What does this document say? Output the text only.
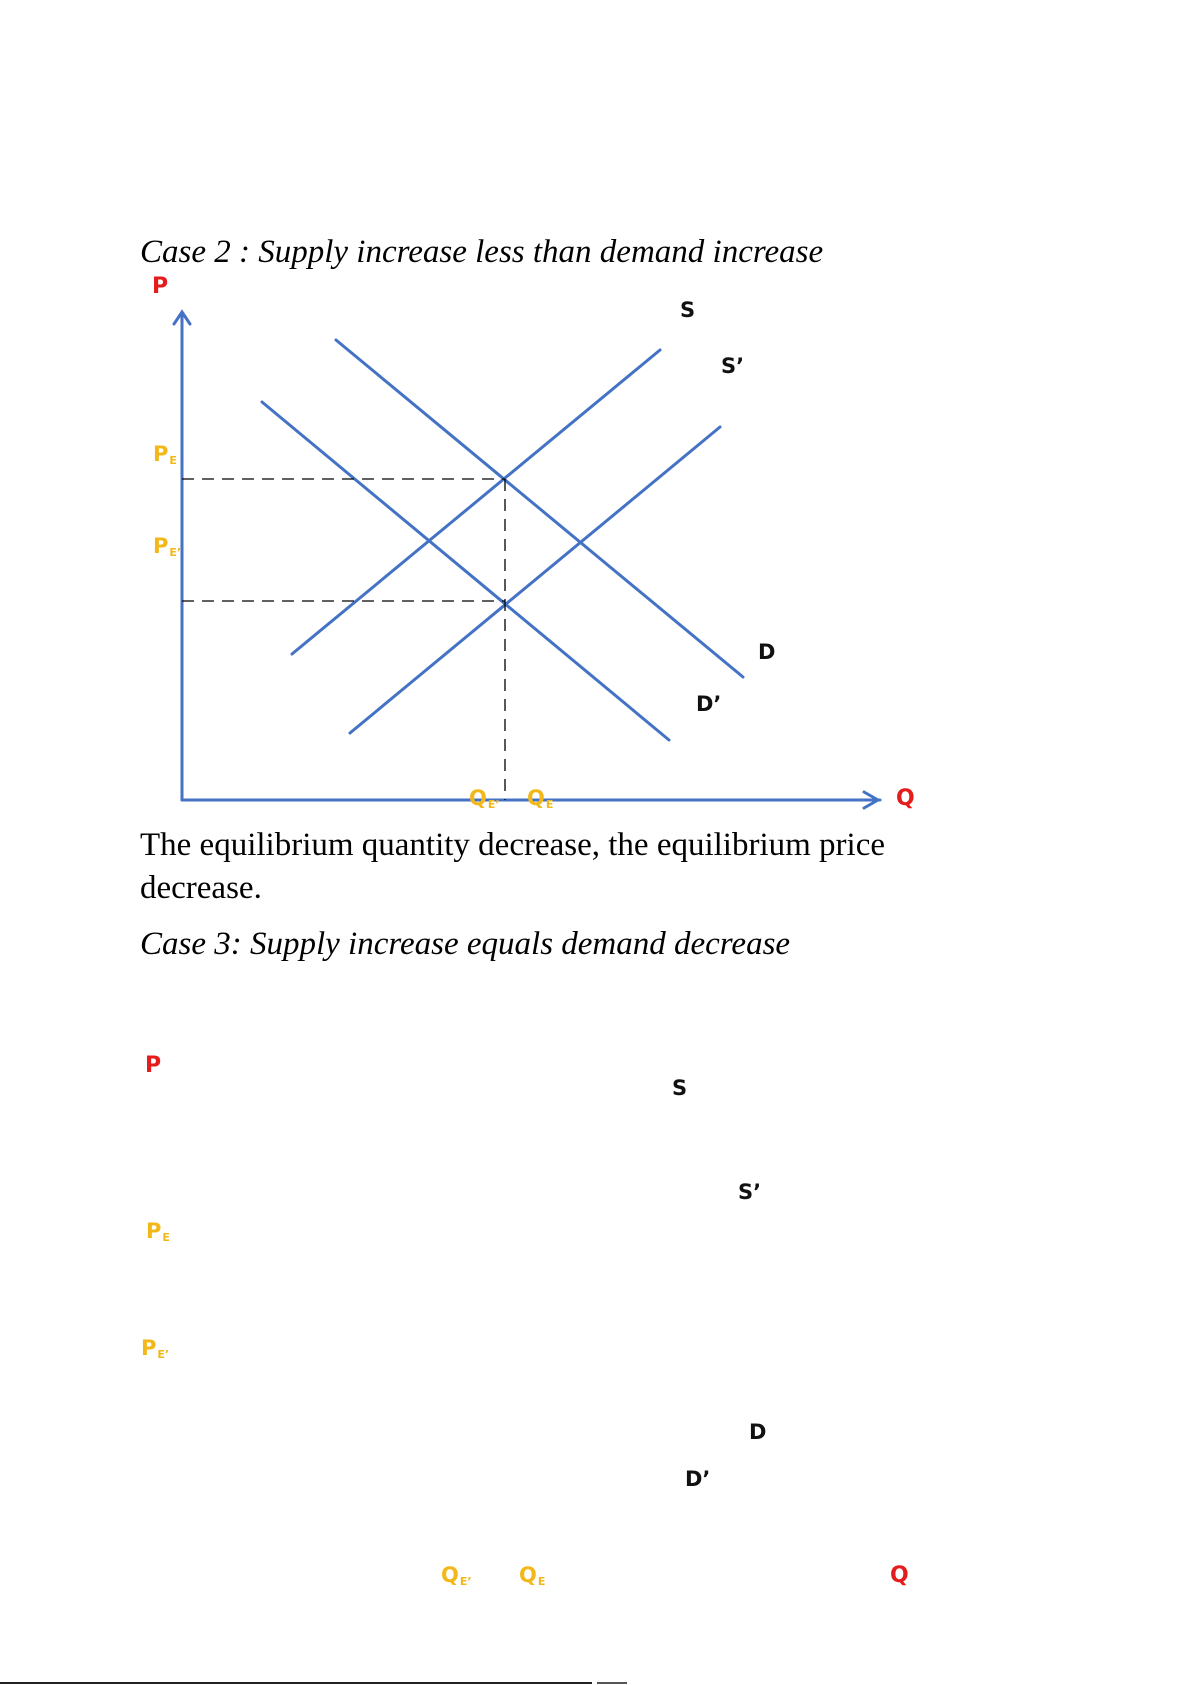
Case 2 : Supply increase less than demand increase
P
Q
S
S’
D
D’
$P_E$
$P_{E’}$
$Q_{E’}$ $Q_E$
The equilibrium quantity decrease, the equilibrium price
decrease.
Case 3: Supply increase equals demand decrease
P
Q
S
S’
D
D’
$P_E$
$P_{E’}$
$Q_{E’}$ $Q_E$
